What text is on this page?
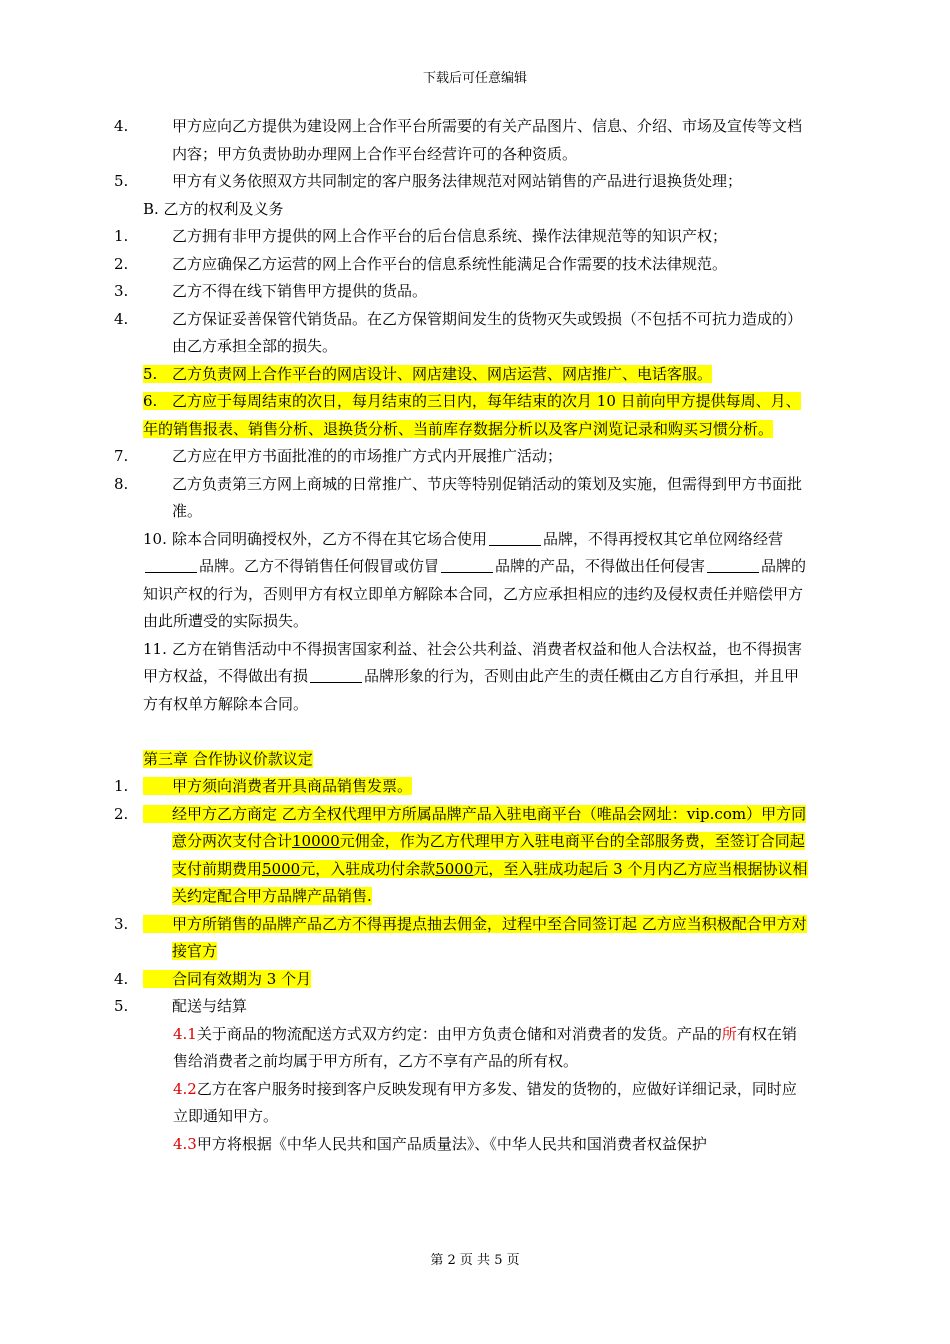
下载后可任意编辑

4.	甲方应向乙方提供为建设网上合作平台所需要的有关产品图片、信息、介绍、市场及宣传等文档内容；甲方负责协助办理网上合作平台经营许可的各种资质。

5.	甲方有义务依照双方共同制定的客户服务法律规范对网站销售的产品进行退换货处理；

B. 乙方的权利及义务

1.	乙方拥有非甲方提供的网上合作平台的后台信息系统、操作法律规范等的知识产权；

2.	乙方应确保乙方运营的网上合作平台的信息系统性能满足合作需要的技术法律规范。

3.	乙方不得在线下销售甲方提供的货品。

4.	乙方保证妥善保管代销货品。在乙方保管期间发生的货物灭失或毁损（不包括不可抗力造成的）由乙方承担全部的损失。

5. 乙方负责网上合作平台的网店设计、网店建设、网店运营、网店推广、电话客服。

6. 乙方应于每周结束的次日，每月结束的三日内，每年结束的次月 10 日前向甲方提供每周、月、年的销售报表、销售分析、退换货分析、当前库存数据分析以及客户浏览记录和购买习惯分析。

7.	乙方应在甲方书面批准的的市场推广方式内开展推广活动；

8.	乙方负责第三方网上商城的日常推广、节庆等特别促销活动的策划及实施，但需得到甲方书面批准。

10. 除本合同明确授权外，乙方不得在其它场合使用	品牌，不得再授权其它单位网络经营品牌。乙方不得销售任何假冒或仿冒	品牌的产品，不得做出任何侵害	品牌的知识产权的行为，否则甲方有权立即单方解除本合同，乙方应承担相应的违约及侵权责任并赔偿甲方由此所遭受的实际损失。

11. 乙方在销售活动中不得损害国家利益、社会公共利益、消费者权益和他人合法权益，也不得损害甲方权益，不得做出有损	品牌形象的行为，否则由此产生的责任概由乙方自行承担，并且甲方有权单方解除本合同。

第三章 合作协议价款议定

1.	甲方须向消费者开具商品销售发票。

2.	经甲方乙方商定 乙方全权代理甲方所属品牌产品入驻电商平台（唯品会网址：vip.com）甲方同意分两次支付合计10000元佣金，作为乙方代理甲方入驻电商平台的全部服务费，至签订合同起支付前期费用5000元，入驻成功付余款5000元，至入驻成功起后 3 个月内乙方应当根据协议相关约定配合甲方品牌产品销售.

3.	甲方所销售的品牌产品乙方不得再提点抽去佣金，过程中至合同签订起 乙方应当积极配合甲方对接官方

4.	合同有效期为 3 个月

5.	配送与结算

4.1关于商品的物流配送方式双方约定：由甲方负责仓储和对消费者的发货。产品的所有权在销售给消费者之前均属于甲方所有，乙方不享有产品的所有权。

4.2乙方在客户服务时接到客户反映发现有甲方多发、错发的货物的，应做好详细记录，同时应立即通知甲方。

4.3甲方将根据《中华人民共和国产品质量法》、《中华人民共和国消费者权益保护

第 2 页 共 5 页
